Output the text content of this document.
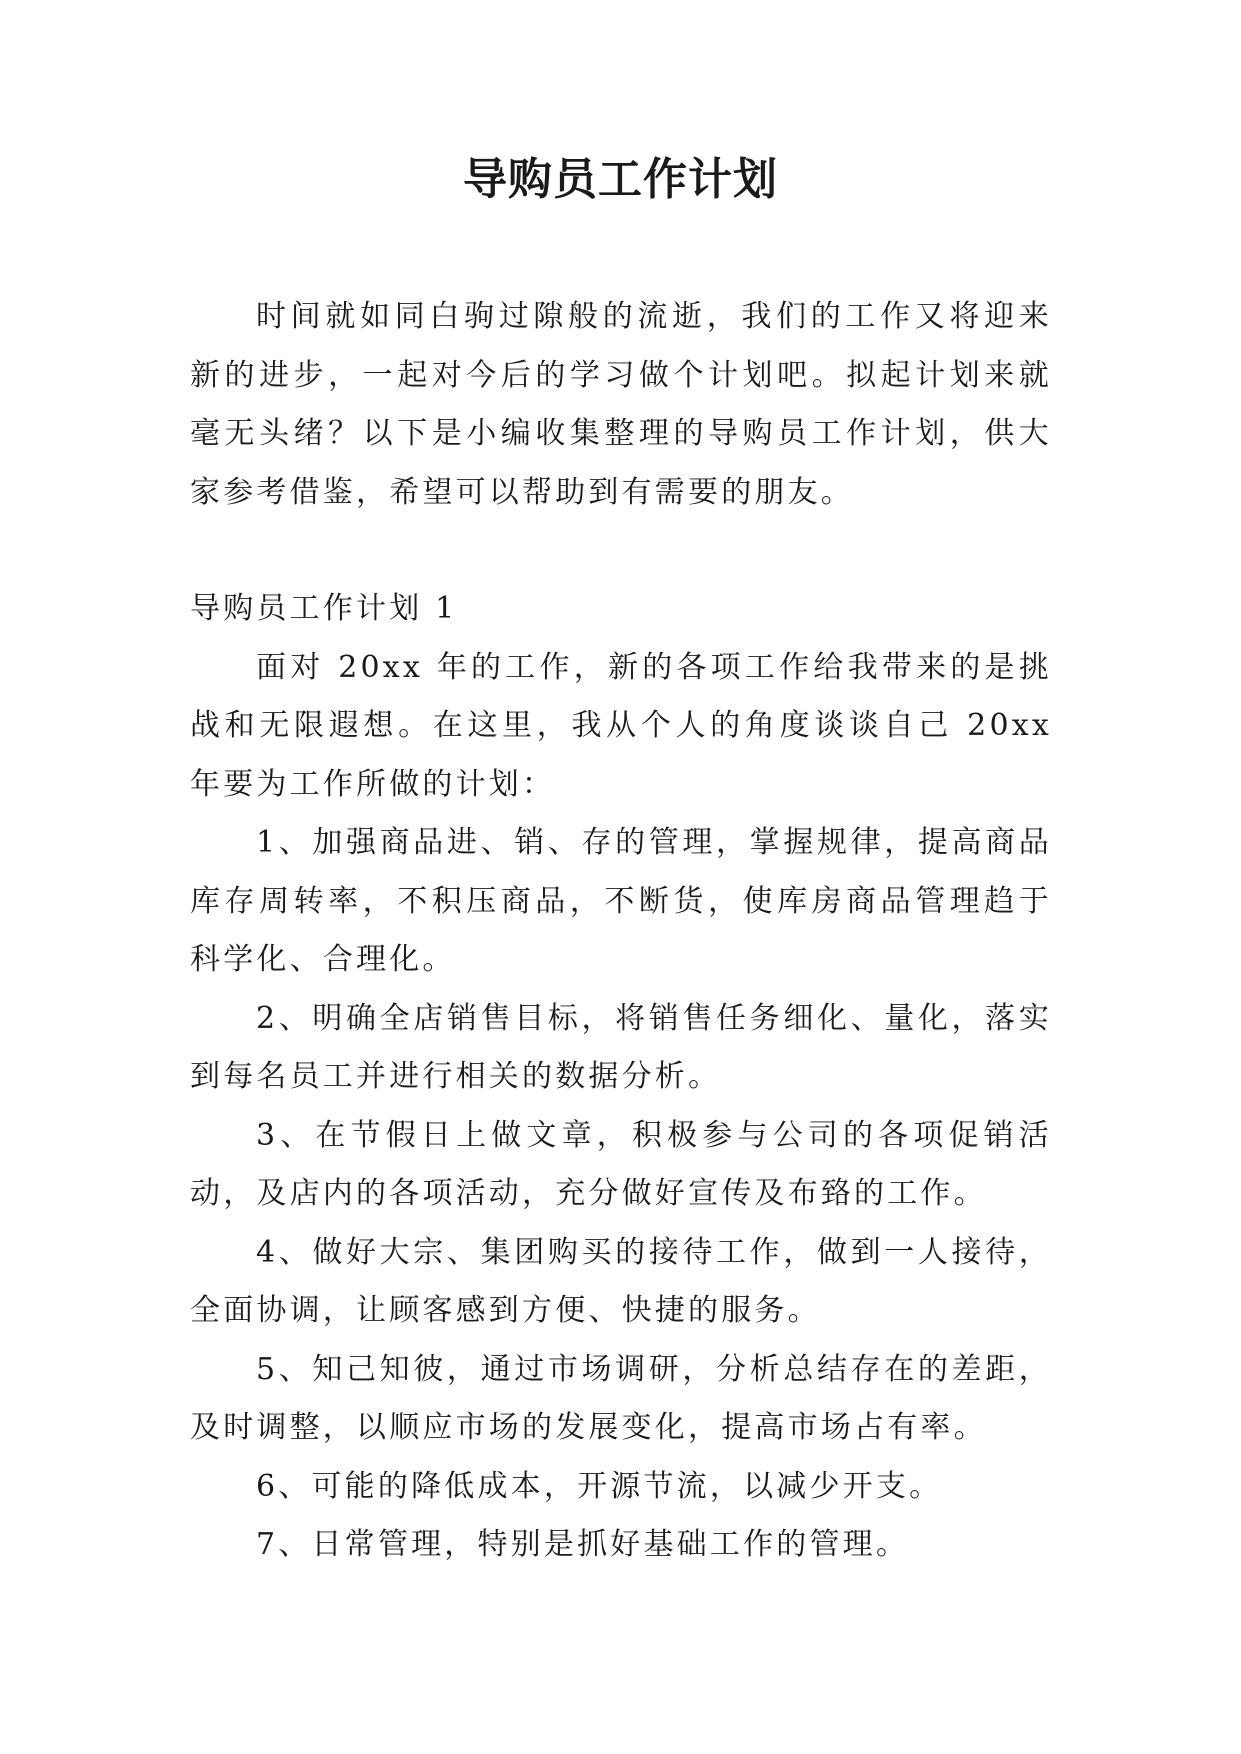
导购员工作计划

时间就如同白驹过隙般的流逝，我们的工作又将迎来新的进步，一起对今后的学习做个计划吧。拟起计划来就毫无头绪？以下是小编收集整理的导购员工作计划，供大家参考借鉴，希望可以帮助到有需要的朋友。

导购员工作计划 1

面对 20xx 年的工作，新的各项工作给我带来的是挑战和无限遐想。在这里，我从个人的角度谈谈自己 20xx 年要为工作所做的计划：

1、加强商品进、销、存的管理，掌握规律，提高商品库存周转率，不积压商品，不断货，使库房商品管理趋于科学化、合理化。

2、明确全店销售目标，将销售任务细化、量化，落实到每名员工并进行相关的数据分析。

3、在节假日上做文章，积极参与公司的各项促销活动，及店内的各项活动，充分做好宣传及布臵的工作。

4、做好大宗、集团购买的接待工作，做到一人接待，全面协调，让顾客感到方便、快捷的服务。

5、知己知彼，通过市场调研，分析总结存在的差距，及时调整，以顺应市场的发展变化，提高市场占有率。

6、可能的降低成本，开源节流，以减少开支。

7、日常管理，特别是抓好基础工作的管理。
